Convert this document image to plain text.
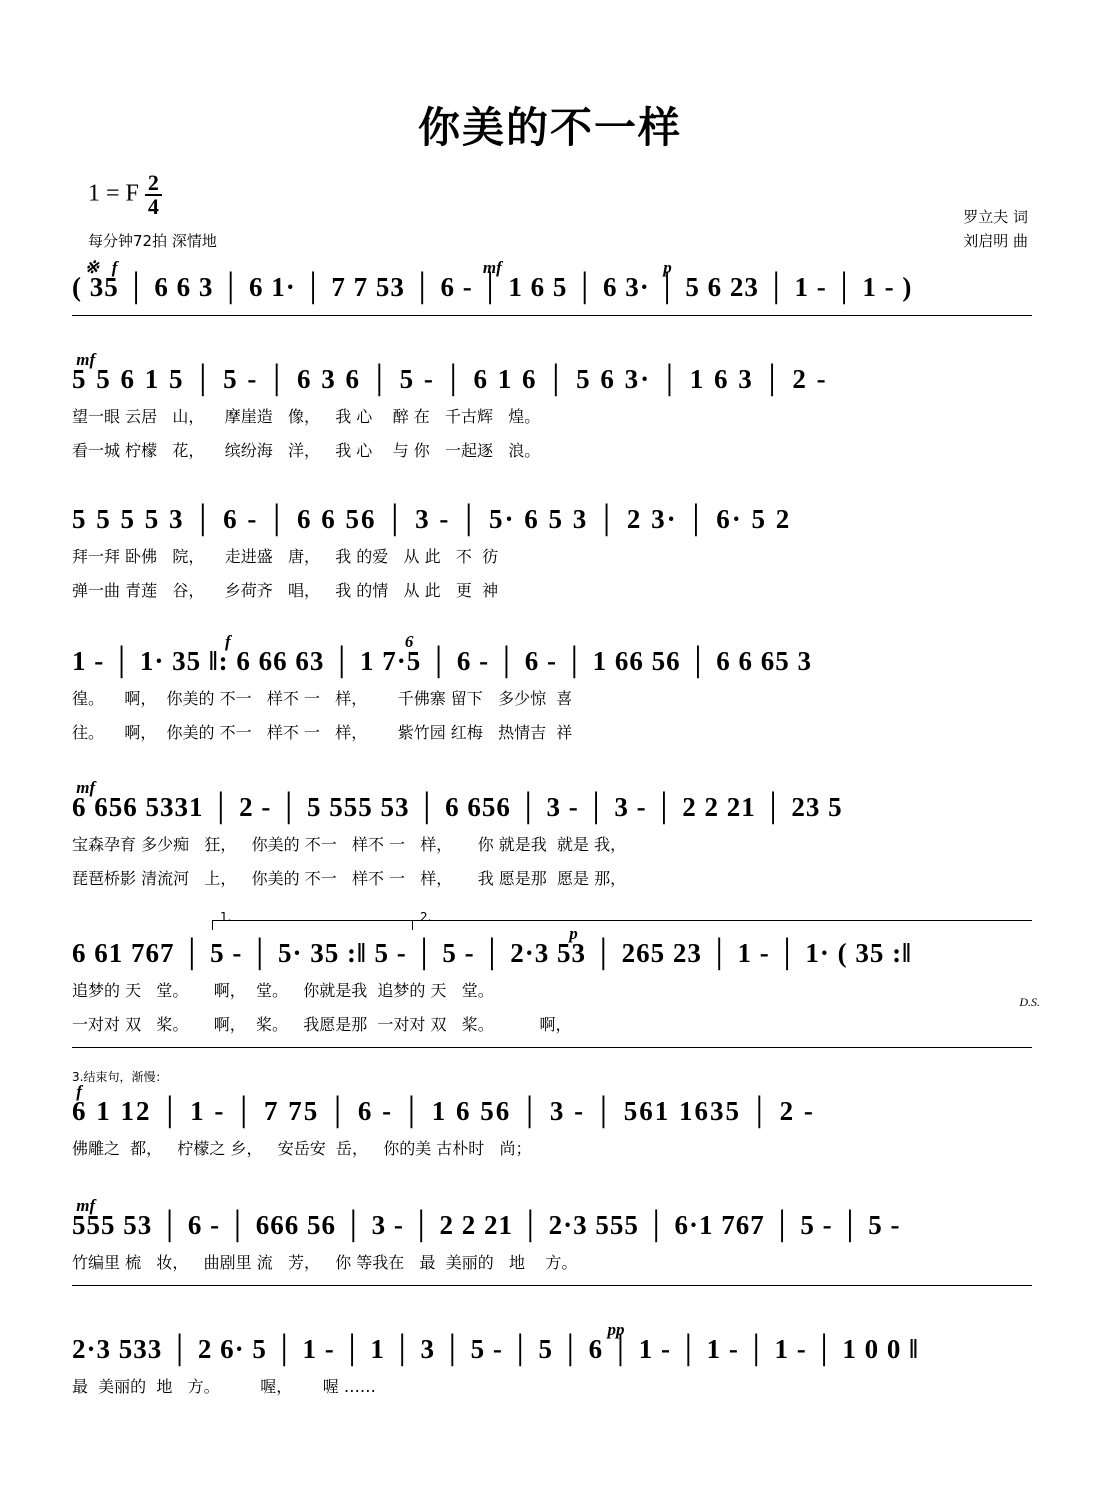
你美的不一样
1 = F $\frac{2}{4}$
每分钟72拍 深情地
罗立夫 词
刘启明 曲
※   f                                                                                      mf                                      p
( 35 │ 6 6 3 │ 6 1· │ 7 7 53 │ 6 - │ 1 6 5 │ 6 3· │ 5 6 23 │ 1 - │ 1 - )
mf
5 5 6 1 5 │ 5 - │ 6 3 6 │ 5 - │ 6 1 6 │ 5 6 3· │ 1 6 3 │ 2 -
望一眼 云居   山，    摩崖造   像，   我 心    醉 在   千古辉   煌。
看一城 柠檬   花，    缤纷海   洋，   我 心    与 你   一起逐   浪。
5 5 5 5 3 │ 6 - │ 6 6 56 │ 3 - │ 5· 6 5 3 │ 2 3· │ 6· 5 2
拜一拜 卧佛   院，    走进盛   唐，   我 的爱   从 此   不  彷
弹一曲 青莲   谷，    乡荷齐   唱，   我 的情   从 此   更  神
f                                         6
1 - │ 1· 35 ‖: 6 66 63 │ 1 7·5 │ 6 - │ 6 - │ 1 66 56 │ 6 6 65 3
徨。    啊，  你美的 不一   样不 一   样，      千佛寨 留下   多少惊  喜
往。    啊，  你美的 不一   样不 一   样，      紫竹园 红梅   热情吉  祥
mf
6 656 5331 │ 2 - │ 5 555 53 │ 6 656 │ 3 - │ 3 - │ 2 2 21 │ 23 5
宝森孕育 多少痴   狂，   你美的 不一   样不 一   样，     你 就是我  就是 我，
琵琶桥影 清流河   上，   你美的 不一   样不 一   样，     我 愿是那  愿是 那，
1.	2.
p
6 61 767 │ 5 - │ 5· 35 :‖ 5 - │ 5 - │ 2·3 53 │ 265 23 │ 1 - │ 1· ( 35 :‖
D.S.
追梦的 天   堂。     啊，  堂。   你就是我  追梦的 天   堂。
一对对 双   桨。     啊，  桨。   我愿是那  一对对 双   桨。         啊，
3.结束句，渐慢：
f
6 1 12 │ 1 - │ 7 75 │ 6 - │ 1 6 56 │ 3 - │ 561 1635 │ 2 -
佛雕之  都，   柠檬之 乡，   安岳安  岳，   你的美 古朴时   尚；
mf
555 53 │ 6 - │ 666 56 │ 3 - │ 2 2 21 │ 2·3 555 │ 6·1 767 │ 5 - │ 5 -
竹编里 梳   妆，   曲剧里 流   芳，   你 等我在   最  美丽的   地    方。
pp
2·3 533 │ 2 6· 5 │ 1 - │ 1 │ 3 │ 5 - │ 5 │ 6 │ 1 - │ 1 - │ 1 - │ 1 0 0 ‖
最  美丽的  地   方。        喔，      喔 ……
